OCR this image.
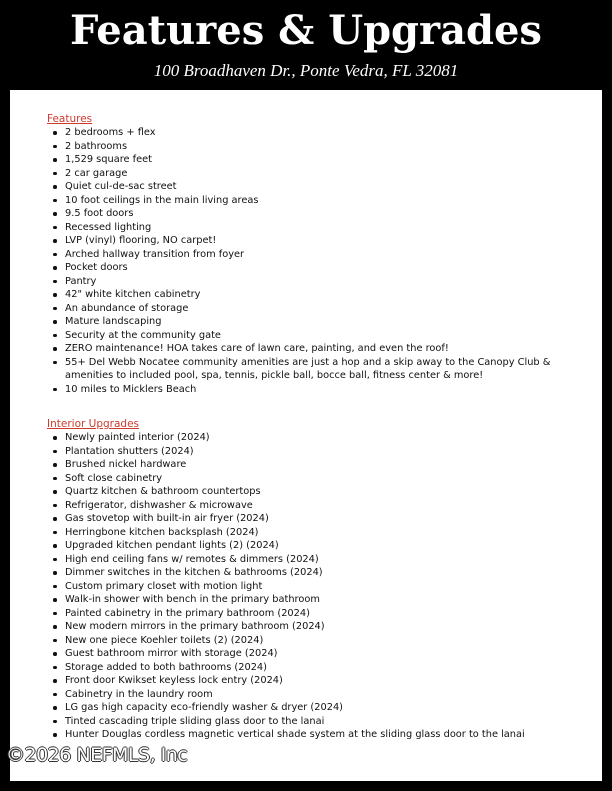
Features & Upgrades
100 Broadhaven Dr., Ponte Vedra, FL 32081
Features
2 bedrooms + flex
2 bathrooms
1,529 square feet
2 car garage
Quiet cul-de-sac street
10 foot ceilings in the main living areas
9.5 foot doors
Recessed lighting
LVP (vinyl) flooring, NO carpet!
Arched hallway transition from foyer
Pocket doors
Pantry
42" white kitchen cabinetry
An abundance of storage
Mature landscaping
Security at the community gate
ZERO maintenance! HOA takes care of lawn care, painting, and even the roof!
55+ Del Webb Nocatee community amenities are just a hop and a skip away to the Canopy Club & amenities to included pool, spa, tennis, pickle ball, bocce ball, fitness center & more!
10 miles to Micklers Beach
Interior Upgrades
Newly painted interior (2024)
Plantation shutters (2024)
Brushed nickel hardware
Soft close cabinetry
Quartz kitchen & bathroom countertops
Refrigerator, dishwasher & microwave
Gas stovetop with built-in air fryer (2024)
Herringbone kitchen backsplash (2024)
Upgraded kitchen pendant lights (2) (2024)
High end ceiling fans w/ remotes & dimmers (2024)
Dimmer switches in the kitchen & bathrooms (2024)
Custom primary closet with motion light
Walk-in shower with bench in the primary bathroom
Painted cabinetry in the primary bathroom (2024)
New modern mirrors in the primary bathroom (2024)
New one piece Koehler toilets (2) (2024)
Guest bathroom mirror with storage (2024)
Storage added to both bathrooms (2024)
Front door Kwikset keyless lock entry (2024)
Cabinetry in the laundry room
LG gas high capacity eco-friendly washer & dryer (2024)
Tinted cascading triple sliding glass door to the lanai
Hunter Douglas cordless magnetic vertical shade system at the sliding glass door to the lanai
©2026 NEFMLS, Inc
